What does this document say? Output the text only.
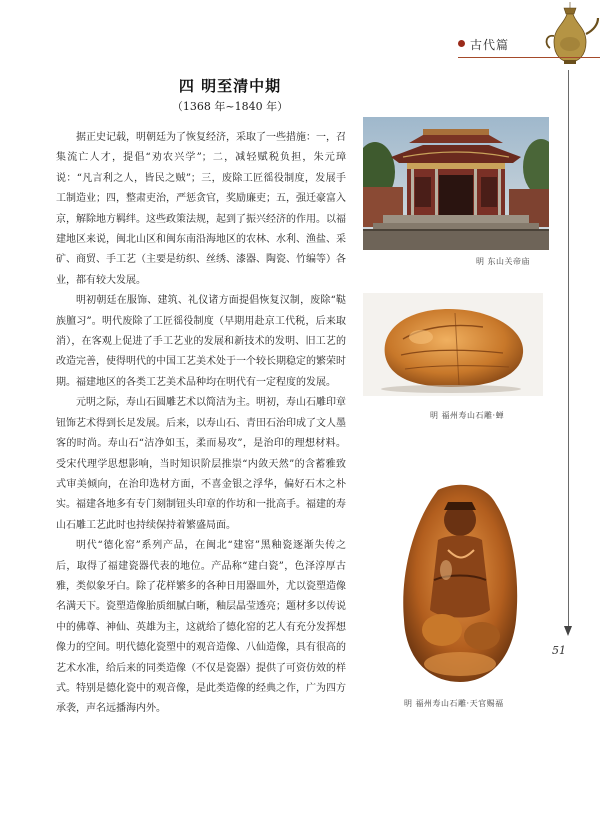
古代篇
51
四 明至清中期
（1368 年~1840 年）

据正史记载，明朝廷为了恢复经济，采取了一些措施：一，召集流亡人才，提倡“劝农兴学”；二，减轻赋税负担，朱元璋说：“凡言利之人，皆民之贼”；三，废除工匠徭役制度，发展手工制造业；四，整肃吏治，严惩贪官，奖励廉吏；五，强迁豪富入京，解除地方羁绊。这些政策法规，起到了振兴经济的作用。以福建地区来说，闽北山区和闽东南沿海地区的农林、水利、渔盐、采矿、商贸、手工艺（主要是纺织、丝绣、漆器、陶瓷、竹编等）各业，都有较大发展。

明初朝廷在服饰、建筑、礼仪诸方面提倡恢复汉制，废除“鞑族膻习”。明代废除了工匠徭役制度（早期用赴京工代税，后来取消），在客观上促进了手工艺业的发展和新技术的发明、旧工艺的改造完善，使得明代的中国工艺美术处于一个较长期稳定的繁荣时期。福建地区的各类工艺美术品种均在明代有一定程度的发展。

元明之际，寿山石圆雕艺术以简洁为主。明初，寿山石雕印章钮饰艺术得到长足发展。后来，以寿山石、青田石治印成了文人墨客的时尚。寿山石“洁净如玉，柔而易攻”，是治印的理想材料。受宋代理学思想影响，当时知识阶层推崇“内敛天然”的含蓄雅致式审美倾向，在治印选材方面，不喜金银之浮华，偏好石木之朴实。福建各地多有专门刻制钮头印章的作坊和一批高手。福建的寿山石雕工艺此时也持续保持着繁盛局面。

明代“德化窑”系列产品，在闽北“建窑”黑釉瓷逐渐失传之后，取得了福建瓷器代表的地位。产品称“建白瓷”，色泽淳厚古雅，类似象牙白。除了花样繁多的各种日用器皿外，尤以瓷塑造像名满天下。瓷塑造像胎质细腻白晰，釉层晶莹透亮；题材多以传说中的佛尊、神仙、英雄为主，这就给了德化窑的艺人有充分发挥想像力的空间。明代德化瓷塑中的观音造像、八仙造像，具有很高的艺术水准，给后来的同类造像（不仅是瓷器）提供了可资仿效的样式。特别是德化瓷中的观音像，是此类造像的经典之作，广为四方承袭，声名远播海内外。

明 东山关帝庙
明 福州寿山石雕·蝉
明 福州寿山石雕·天官赐福
